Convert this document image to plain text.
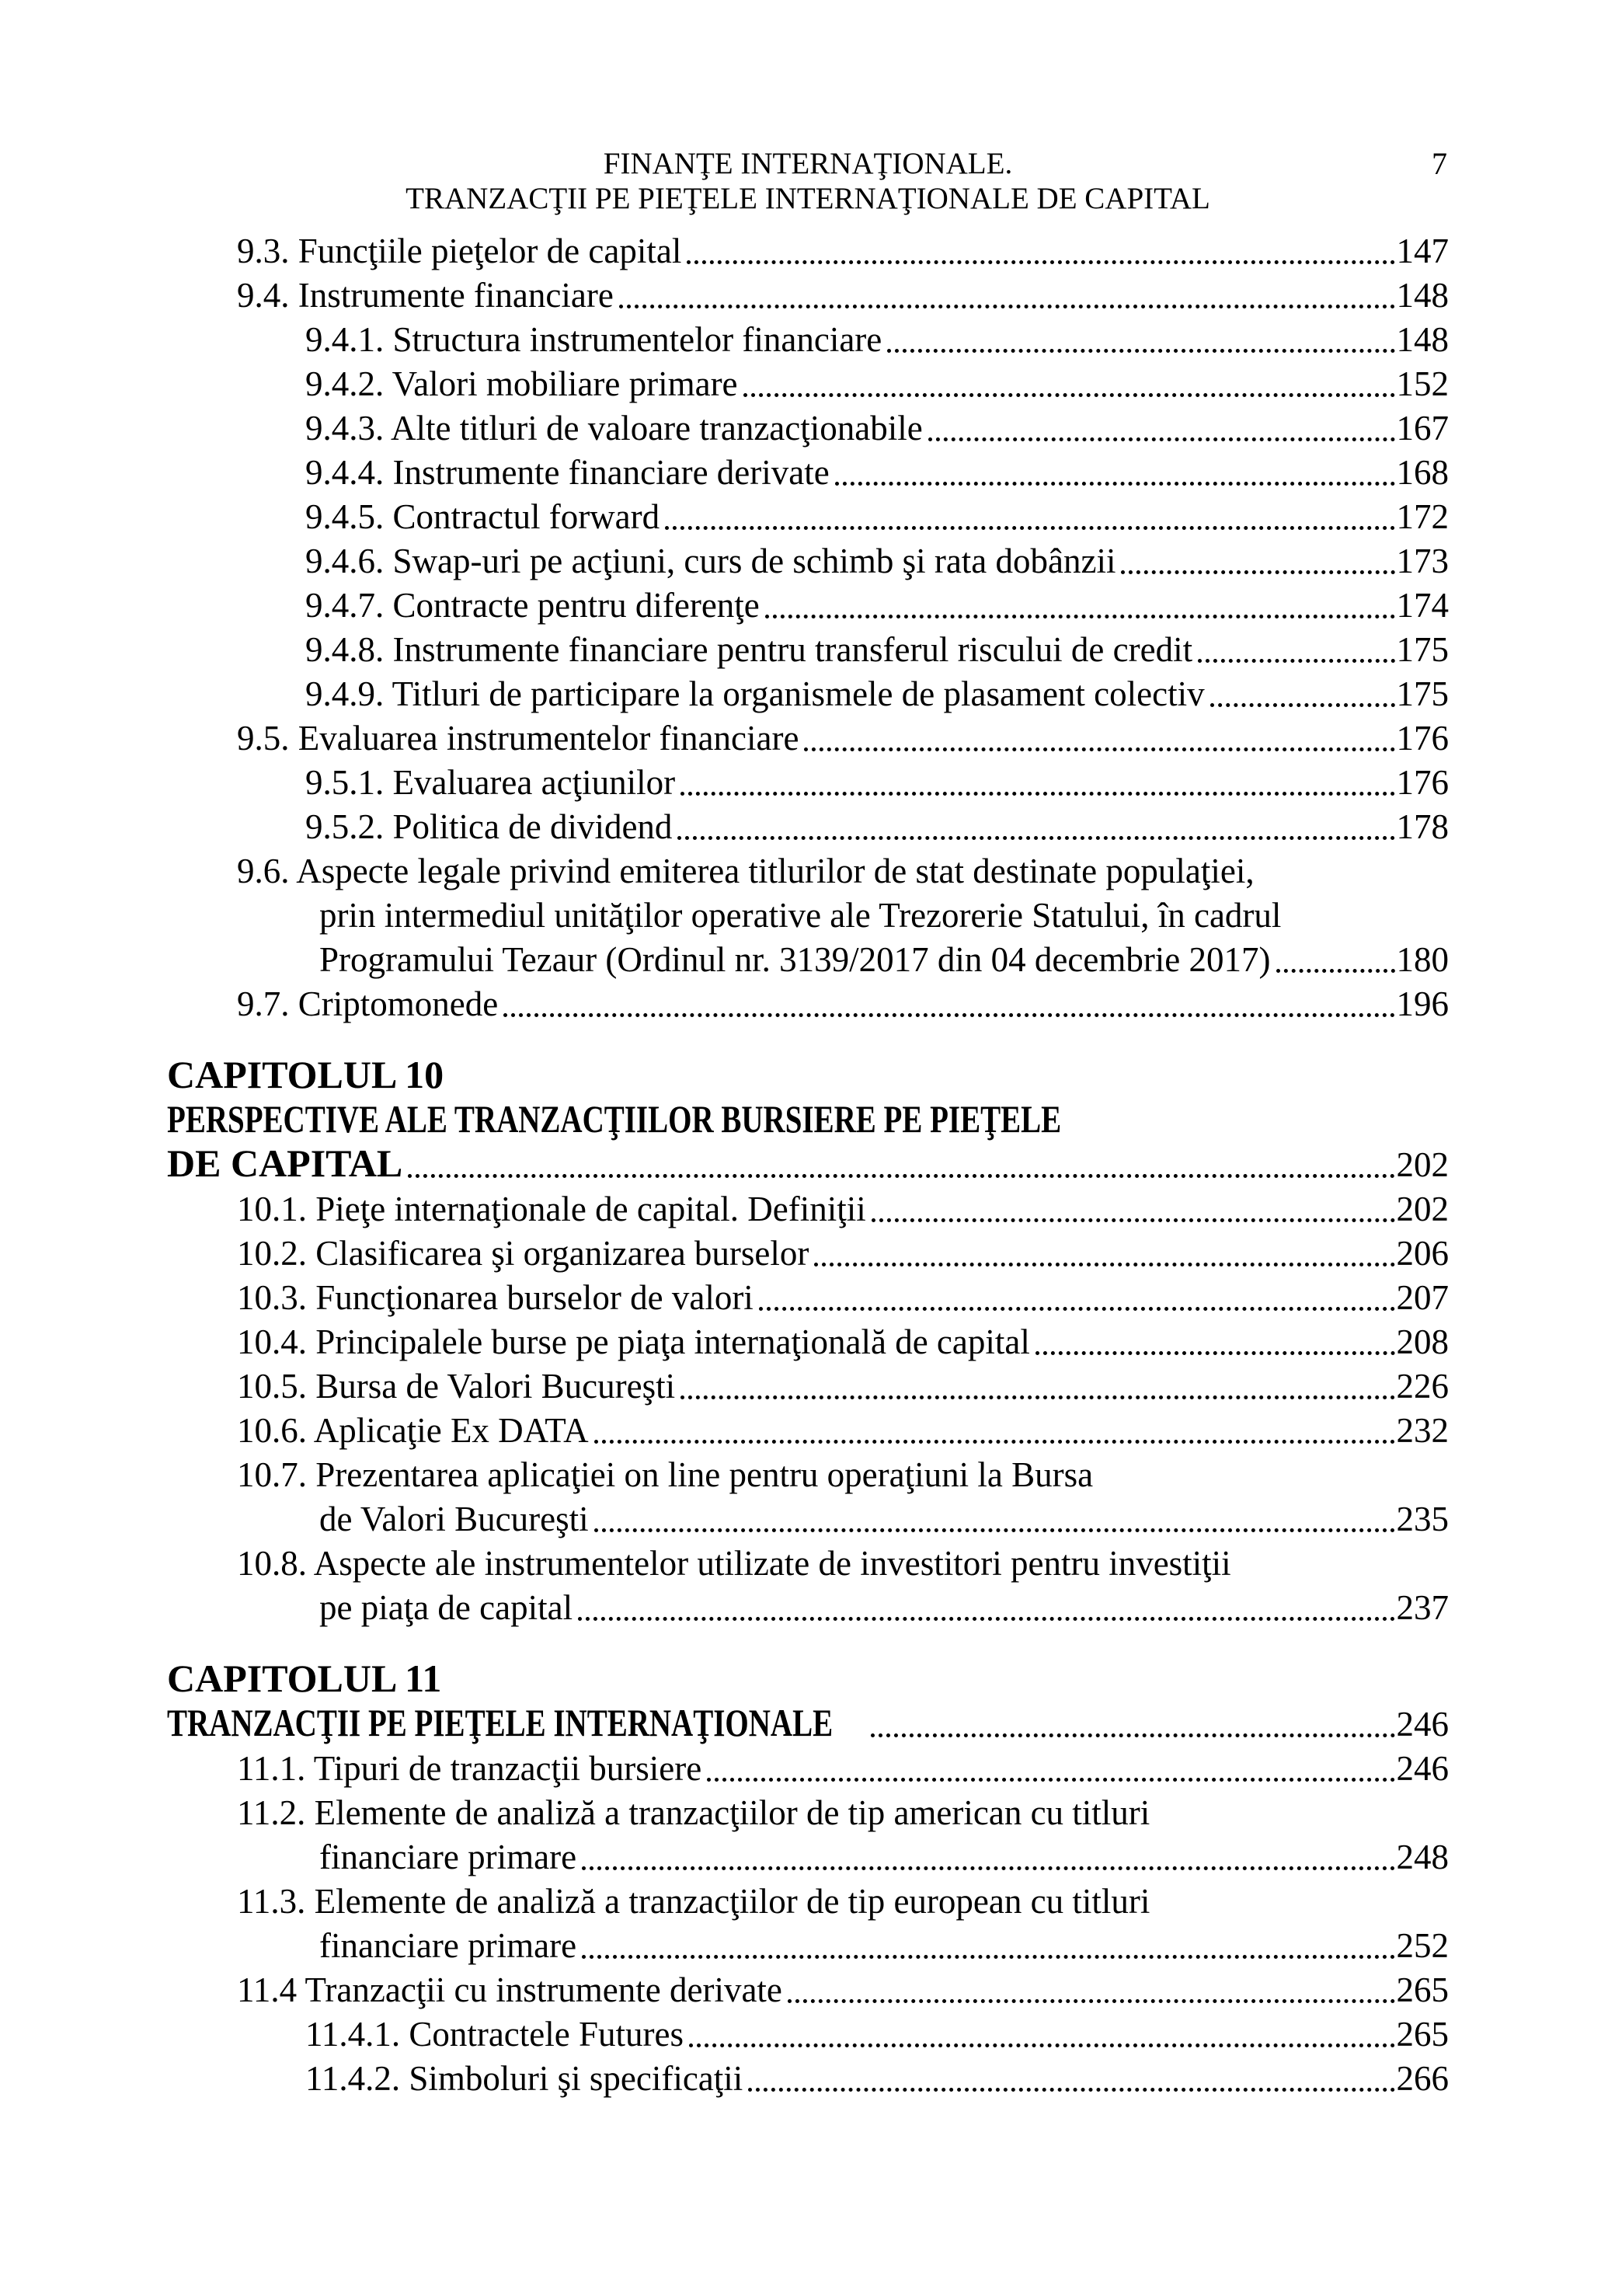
FINANŢE INTERNAŢIONALE.
TRANZACŢII PE PIEŢELE INTERNAŢIONALE DE CAPITAL
7
9.3. Funcţiile pieţelor de capital	147
9.4. Instrumente financiare	148
9.4.1. Structura instrumentelor financiare	148
9.4.2. Valori mobiliare primare	152
9.4.3. Alte titluri de valoare tranzacţionabile	167
9.4.4. Instrumente financiare derivate	168
9.4.5. Contractul forward	172
9.4.6. Swap-uri pe acţiuni, curs de schimb şi rata dobânzii	173
9.4.7. Contracte pentru diferenţe	174
9.4.8. Instrumente financiare pentru transferul riscului de credit	175
9.4.9. Titluri de participare la organismele de plasament colectiv	175
9.5. Evaluarea instrumentelor financiare	176
9.5.1. Evaluarea acţiunilor	176
9.5.2. Politica de dividend	178
9.6. Aspecte legale privind emiterea titlurilor de stat destinate populaţiei,
prin intermediul unităţilor operative ale Trezorerie Statului, în cadrul
Programului Tezaur (Ordinul nr. 3139/2017 din 04 decembrie 2017)	180
9.7. Criptomonede	196
CAPITOLUL 10
PERSPECTIVE ALE TRANZACŢIILOR BURSIERE PE PIEŢELE
DE CAPITAL	202
10.1. Pieţe internaţionale de capital. Definiţii	202
10.2. Clasificarea şi organizarea burselor	206
10.3. Funcţionarea burselor de valori	207
10.4. Principalele burse pe piaţa internaţională de capital	208
10.5. Bursa de Valori Bucureşti	226
10.6. Aplicaţie Ex DATA	232
10.7. Prezentarea aplicaţiei on line pentru operaţiuni la Bursa
de Valori Bucureşti	235
10.8. Aspecte ale instrumentelor utilizate de investitori pentru investiţii
pe piaţa de capital	237
CAPITOLUL 11
TRANZACŢII PE PIEŢELE INTERNAŢIONALE	246
11.1. Tipuri de tranzacţii bursiere	246
11.2. Elemente de analiză a tranzacţiilor de tip american cu titluri
financiare primare	248
11.3. Elemente de analiză a tranzacţiilor de tip european cu titluri
financiare primare	252
11.4 Tranzacţii cu instrumente derivate	265
11.4.1. Contractele Futures	265
11.4.2. Simboluri şi specificaţii	266
